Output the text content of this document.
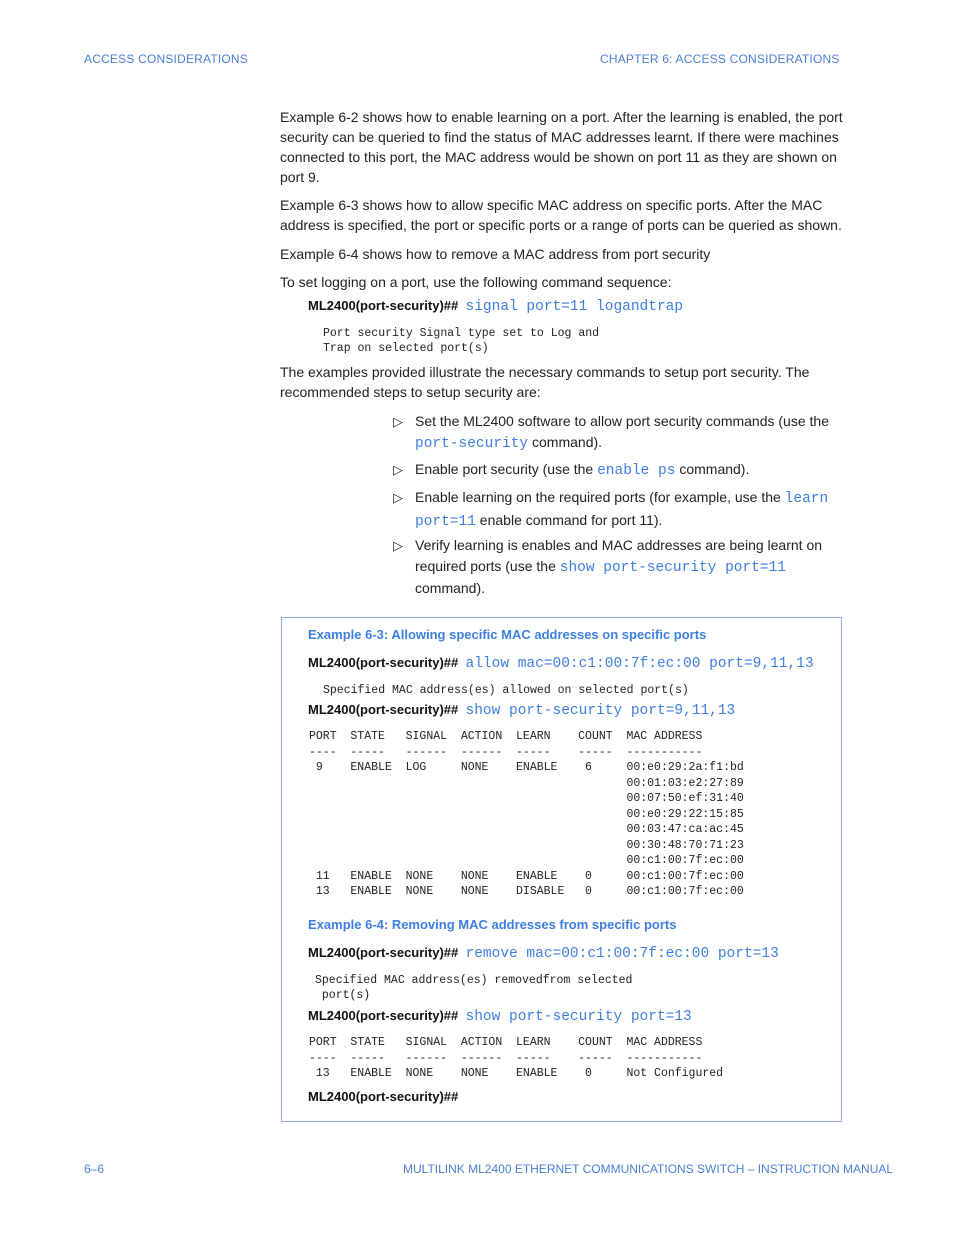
ACCESS CONSIDERATIONS	CHAPTER 6: ACCESS CONSIDERATIONS

Example 6-2 shows how to enable learning on a port. After the learning is enabled, the port security can be queried to find the status of MAC addresses learnt. If there were machines connected to this port, the MAC address would be shown on port 11 as they are shown on port 9.

Example 6-3 shows how to allow specific MAC address on specific ports. After the MAC address is specified, the port or specific ports or a range of ports can be queried as shown.

Example 6-4 shows how to remove a MAC address from port security

To set logging on a port, use the following command sequence:

ML2400(port-security)## signal port=11 logandtrap
Port security Signal type set to Log and
Trap on selected port(s)

The examples provided illustrate the necessary commands to setup port security. The recommended steps to setup security are:

▷ Set the ML2400 software to allow port security commands (use the port-security command).
▷ Enable port security (use the enable ps command).
▷ Enable learning on the required ports (for example, use the learn port=11 enable command for port 11).
▷ Verify learning is enables and MAC addresses are being learnt on required ports (use the show port-security port=11 command).
Example 6-3: Allowing specific MAC addresses on specific ports
ML2400(port-security)## allow mac=00:c1:00:7f:ec:00 port=9,11,13
Specified MAC address(es) allowed on selected port(s)
ML2400(port-security)## show port-security port=9,11,13
PORT  STATE   SIGNAL  ACTION  LEARN    COUNT  MAC ADDRESS
----  -----   ------  ------  -----    -----  -----------
9    ENABLE  LOG     NONE    ENABLE    6     00:e0:29:2a:f1:bd
00:01:03:e2:27:89
00:07:50:ef:31:40
00:e0:29:22:15:85
00:03:47:ca:ac:45
00:30:48:70:71:23
00:c1:00:7f:ec:00
11   ENABLE  NONE    NONE    ENABLE    0     00:c1:00:7f:ec:00
13   ENABLE  NONE    NONE    DISABLE   0     00:c1:00:7f:ec:00
Example 6-4: Removing MAC addresses from specific ports
ML2400(port-security)## remove mac=00:c1:00:7f:ec:00 port=13
Specified MAC address(es) removedfrom selected
port(s)
ML2400(port-security)## show port-security port=13
PORT  STATE   SIGNAL  ACTION  LEARN    COUNT  MAC ADDRESS
----  -----   ------  ------  -----    -----  -----------
13   ENABLE  NONE    NONE    ENABLE    0     Not Configured
ML2400(port-security)##
6–6	MULTILINK ML2400 ETHERNET COMMUNICATIONS SWITCH – INSTRUCTION MANUAL
